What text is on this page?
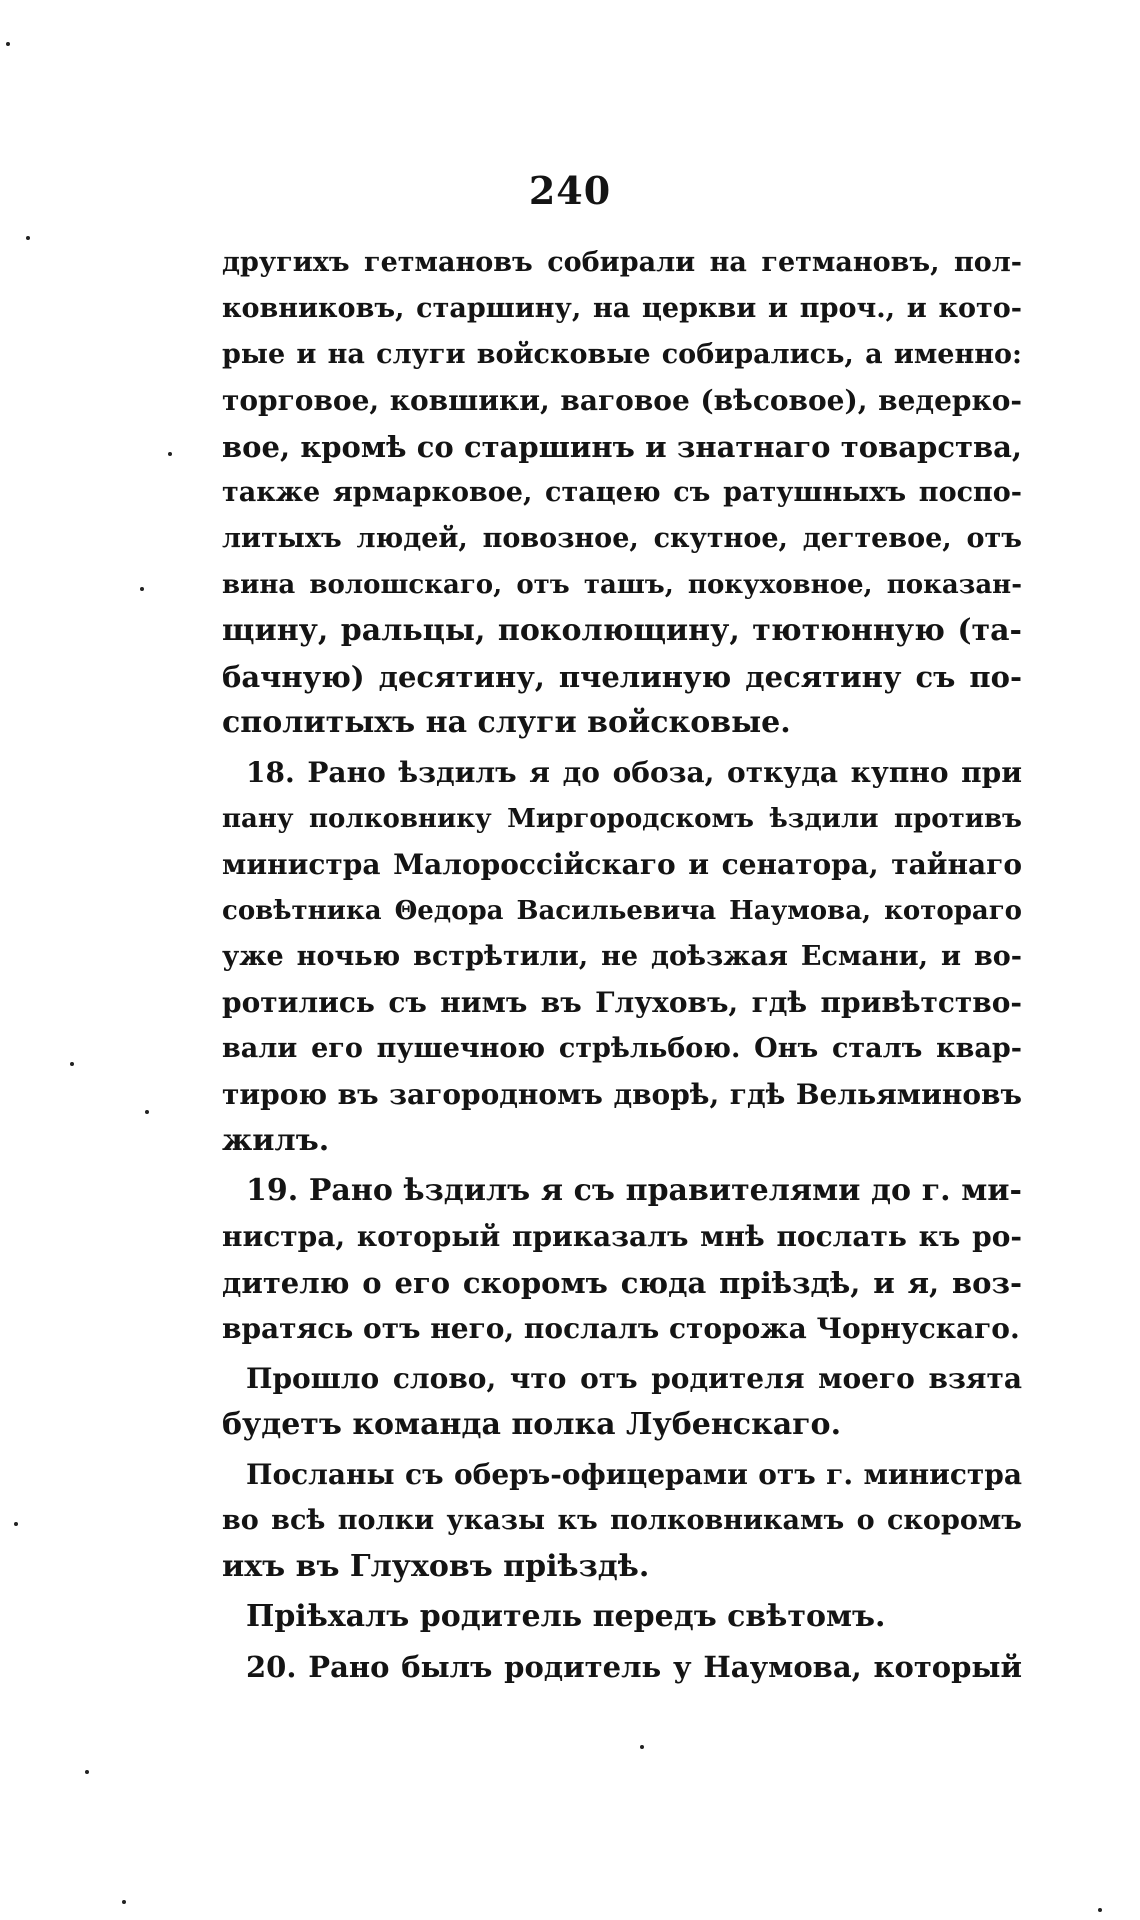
240
другихъ гетмановъ собирали на гетмановъ, пол-
ковниковъ, старшину, на церкви и проч., и кото-
рые и на слуги войсковые собирались, а именно:
торговое, ковшики, ваговое (вѣсовое), ведерко-
вое, кромѣ со старшинъ и знатнаго товарства,
также ярмарковое, стацею съ ратушныхъ поспо-
литыхъ людей, повозное, скутное, дегтевое, отъ
вина волошскаго, отъ ташъ, покуховное, показан-
щину, ральцы, поколющину, тютюнную (та-
бачную) десятину, пчелиную десятину съ по-
сполитыхъ на слуги войсковые.
18. Рано ѣздилъ я до обоза, откуда купно при
пану полковнику Миргородскомъ ѣздили противъ
министра Малороссійскаго и сенатора, тайнаго
совѣтника Θедора Васильевича Наумова, котораго
уже ночью встрѣтили, не доѣзжая Есмани, и во-
ротились съ нимъ въ Глуховъ, гдѣ привѣтство-
вали его пушечною стрѣльбою. Онъ сталъ квар-
тирою въ загородномъ дворѣ, гдѣ Вельяминовъ
жилъ.
19. Рано ѣздилъ я съ правителями до г. ми-
нистра, который приказалъ мнѣ послать къ ро-
дителю о его скоромъ сюда пріѣздѣ, и я, воз-
вратясь отъ него, послалъ сторожа Чорнускаго.
Прошло слово, что отъ родителя моего взята
будетъ команда полка Лубенскаго.
Посланы съ оберъ-офицерами отъ г. министра
во всѣ полки указы къ полковникамъ о скоромъ
ихъ въ Глуховъ пріѣздѣ.
Пріѣхалъ родитель передъ свѣтомъ.
20. Рано былъ родитель у Наумова, который
